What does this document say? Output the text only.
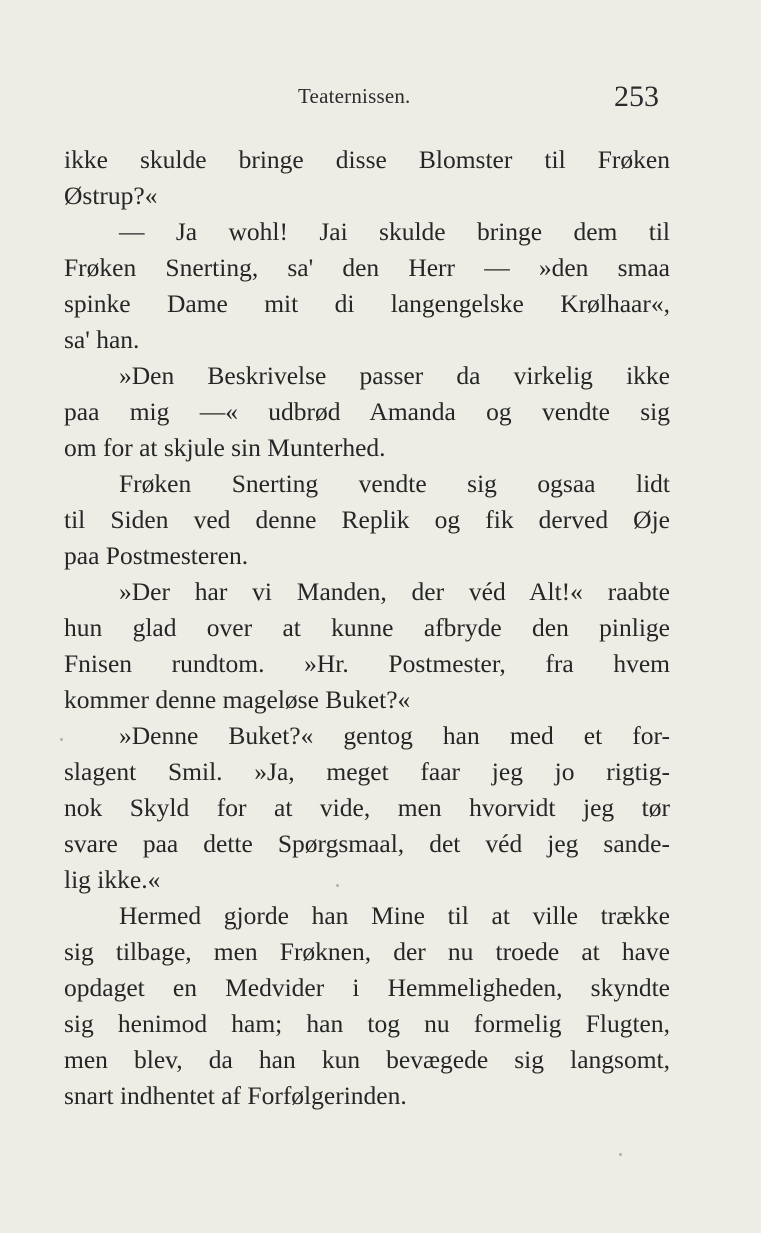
Teaternissen.	253
ikke skulde bringe disse Blomster til Frøken
Østrup?«
— Ja wohl! Jai skulde bringe dem til
Frøken Snerting, sa' den Herr — »den smaa
spinke Dame mit di langengelske Krølhaar«,
sa' han.
»Den Beskrivelse passer da virkelig ikke
paa mig —« udbrød Amanda og vendte sig
om for at skjule sin Munterhed.
Frøken Snerting vendte sig ogsaa lidt
til Siden ved denne Replik og fik derved Øje
paa Postmesteren.
»Der har vi Manden, der véd Alt!« raabte
hun glad over at kunne afbryde den pinlige
Fnisen rundtom. »Hr. Postmester, fra hvem
kommer denne mageløse Buket?«
»Denne Buket?« gentog han med et for-
slagent Smil. »Ja, meget faar jeg jo rigtig-
nok Skyld for at vide, men hvorvidt jeg tør
svare paa dette Spørgsmaal, det véd jeg sande-
lig ikke.«
Hermed gjorde han Mine til at ville trække
sig tilbage, men Frøknen, der nu troede at have
opdaget en Medvider i Hemmeligheden, skyndte
sig henimod ham; han tog nu formelig Flugten,
men blev, da han kun bevægede sig langsomt,
snart indhentet af Forfølgerinden.
